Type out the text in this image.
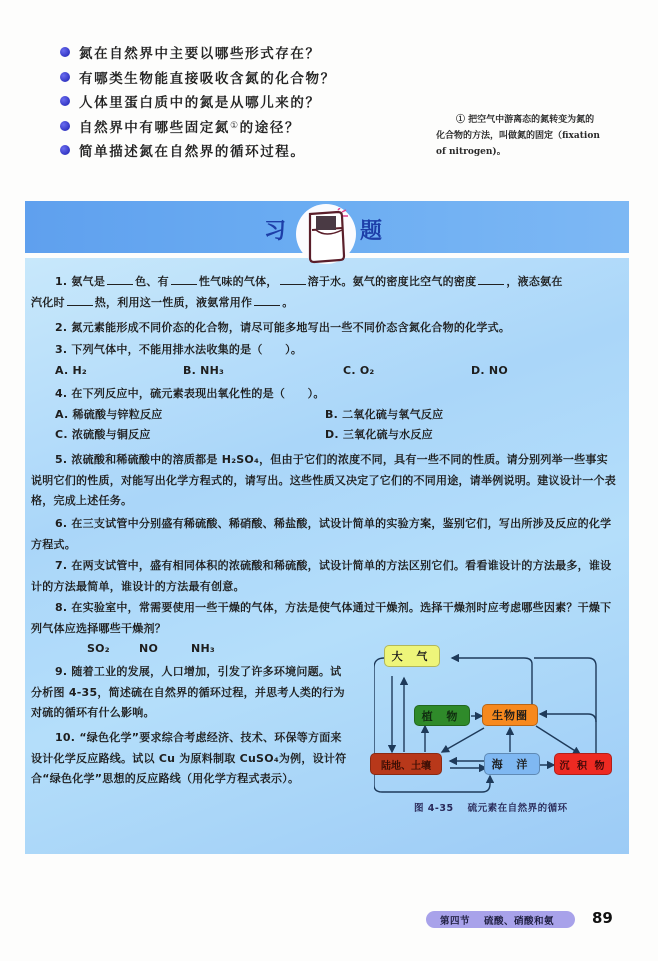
氮在自然界中主要以哪些形式存在？
有哪类生物能直接吸收含氮的化合物？
人体里蛋白质中的氮是从哪儿来的？
自然界中有哪些固定氮 ① 的途径？
简单描述氮在自然界的循环过程。
① 把空气中游离态的氮转变为氮的
化合物的方法，叫做氮的固定（fixation
of nitrogen)。
习	题

1. 氨气是	色、有	性气味的气体，	溶于水。氨气的密度比空气的密度	，液态氨在

汽化时	热，利用这一性质，液氨常用作	。

2. 氮元素能形成不同价态的化合物，请尽可能多地写出一些不同价态含氮化合物的化学式。

3. 下列气体中，不能用排水法收集的是（　　）。

A. H₂	B. NH₃	C. O₂	D. NO

4. 在下列反应中，硫元素表现出氧化性的是（　　）。

A. 稀硫酸与锌粒反应	B. 二氧化硫与氧气反应
C. 浓硫酸与铜反应	D. 三氧化硫与水反应

5. 浓硫酸和稀硫酸中的溶质都是 H₂SO₄，但由于它们的浓度不同，具有一些不同的性质。请分别列举一些事实说明它们的性质，对能写出化学方程式的，请写出。这些性质又决定了它们的不同用途，请举例说明。建议设计一个表格，完成上述任务。

6. 在三支试管中分别盛有稀硫酸、稀硝酸、稀盐酸，试设计简单的实验方案，鉴别它们，写出所涉及反应的化学方程式。

7. 在两支试管中，盛有相同体积的浓硫酸和稀硫酸，试设计简单的方法区别它们。看看谁设计的方法最多，谁设计的方法最简单，谁设计的方法最有创意。

8. 在实验室中，常需要使用一些干燥的气体，方法是使气体通过干燥剂。选择干燥剂时应考虑哪些因素？干燥下列气体应选择哪些干燥剂？

SO₂	NO	NH₃

9. 随着工业的发展，人口增加，引发了许多环境问题。试分析图 4-35，简述硫在自然界的循环过程，并思考人类的行为对硫的循环有什么影响。

10. “绿色化学”要求综合考虑经济、技术、环保等方面来设计化学反应路线。试以 Cu 为原料制取 CuSO₄为例，设计符合“绿色化学”思想的反应路线（用化学方程式表示）。

大 气
植 物	生物圈
陆地、土壤	海 洋	沉 积 物
图 4-35 硫元素在自然界的循环
第四节 硫酸、硝酸和氨	89
